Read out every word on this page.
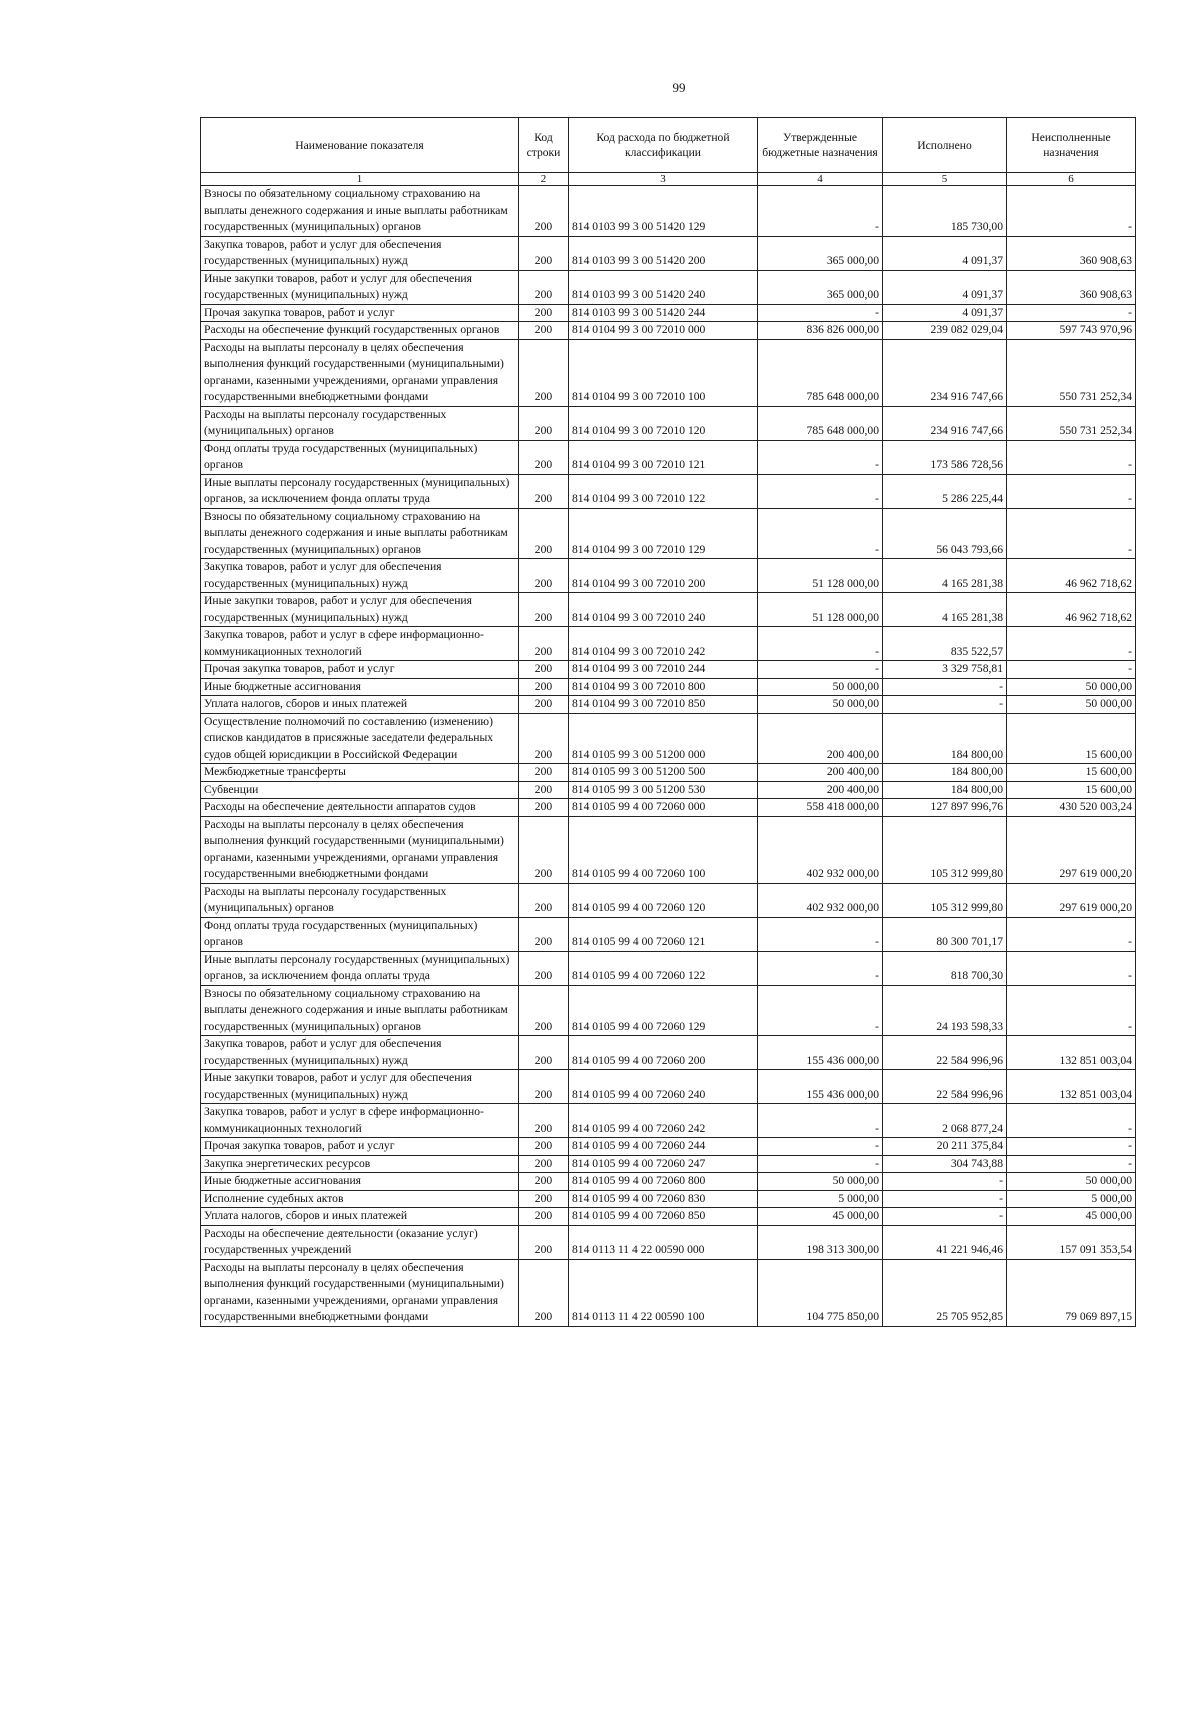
99
Наименование показателя	Код строки	Код расхода по бюджетной классификации	Утвержденные бюджетные назначения	Исполнено	Неисполненные назначения
1	2	3	4	5	6
Взносы по обязательному социальному страхованию на выплаты денежного содержания и иные выплаты работникам государственных (муниципальных) органов	200	814 0103 99 3 00 51420 129	-	185 730,00	-
Закупка товаров, работ и услуг для обеспечения государственных (муниципальных) нужд	200	814 0103 99 3 00 51420 200	365 000,00	4 091,37	360 908,63
Иные закупки товаров, работ и услуг для обеспечения государственных (муниципальных) нужд	200	814 0103 99 3 00 51420 240	365 000,00	4 091,37	360 908,63
Прочая закупка товаров, работ и услуг	200	814 0103 99 3 00 51420 244	-	4 091,37	-
Расходы на обеспечение функций государственных органов	200	814 0104 99 3 00 72010 000	836 826 000,00	239 082 029,04	597 743 970,96
Расходы на выплаты персоналу в целях обеспечения выполнения функций государственными (муниципальными) органами, казенными учреждениями, органами управления государственными внебюджетными фондами	200	814 0104 99 3 00 72010 100	785 648 000,00	234 916 747,66	550 731 252,34
Расходы на выплаты персоналу государственных (муниципальных) органов	200	814 0104 99 3 00 72010 120	785 648 000,00	234 916 747,66	550 731 252,34
Фонд оплаты труда государственных (муниципальных) органов	200	814 0104 99 3 00 72010 121	-	173 586 728,56	-
Иные выплаты персоналу государственных (муниципальных) органов, за исключением фонда оплаты труда	200	814 0104 99 3 00 72010 122	-	5 286 225,44	-
Взносы по обязательному социальному страхованию на выплаты денежного содержания и иные выплаты работникам государственных (муниципальных) органов	200	814 0104 99 3 00 72010 129	-	56 043 793,66	-
Закупка товаров, работ и услуг для обеспечения государственных (муниципальных) нужд	200	814 0104 99 3 00 72010 200	51 128 000,00	4 165 281,38	46 962 718,62
Иные закупки товаров, работ и услуг для обеспечения государственных (муниципальных) нужд	200	814 0104 99 3 00 72010 240	51 128 000,00	4 165 281,38	46 962 718,62
Закупка товаров, работ и услуг в сфере информационно-коммуникационных технологий	200	814 0104 99 3 00 72010 242	-	835 522,57	-
Прочая закупка товаров, работ и услуг	200	814 0104 99 3 00 72010 244	-	3 329 758,81	-
Иные бюджетные ассигнования	200	814 0104 99 3 00 72010 800	50 000,00	-	50 000,00
Уплата налогов, сборов и иных платежей	200	814 0104 99 3 00 72010 850	50 000,00	-	50 000,00
Осуществление полномочий по составлению (изменению) списков кандидатов в присяжные заседатели федеральных судов общей юрисдикции в Российской Федерации	200	814 0105 99 3 00 51200 000	200 400,00	184 800,00	15 600,00
Межбюджетные трансферты	200	814 0105 99 3 00 51200 500	200 400,00	184 800,00	15 600,00
Субвенции	200	814 0105 99 3 00 51200 530	200 400,00	184 800,00	15 600,00
Расходы на обеспечение деятельности аппаратов судов	200	814 0105 99 4 00 72060 000	558 418 000,00	127 897 996,76	430 520 003,24
Расходы на выплаты персоналу в целях обеспечения выполнения функций государственными (муниципальными) органами, казенными учреждениями, органами управления государственными внебюджетными фондами	200	814 0105 99 4 00 72060 100	402 932 000,00	105 312 999,80	297 619 000,20
Расходы на выплаты персоналу государственных (муниципальных) органов	200	814 0105 99 4 00 72060 120	402 932 000,00	105 312 999,80	297 619 000,20
Фонд оплаты труда государственных (муниципальных) органов	200	814 0105 99 4 00 72060 121	-	80 300 701,17	-
Иные выплаты персоналу государственных (муниципальных) органов, за исключением фонда оплаты труда	200	814 0105 99 4 00 72060 122	-	818 700,30	-
Взносы по обязательному социальному страхованию на выплаты денежного содержания и иные выплаты работникам государственных (муниципальных) органов	200	814 0105 99 4 00 72060 129	-	24 193 598,33	-
Закупка товаров, работ и услуг для обеспечения государственных (муниципальных) нужд	200	814 0105 99 4 00 72060 200	155 436 000,00	22 584 996,96	132 851 003,04
Иные закупки товаров, работ и услуг для обеспечения государственных (муниципальных) нужд	200	814 0105 99 4 00 72060 240	155 436 000,00	22 584 996,96	132 851 003,04
Закупка товаров, работ и услуг в сфере информационно-коммуникационных технологий	200	814 0105 99 4 00 72060 242	-	2 068 877,24	-
Прочая закупка товаров, работ и услуг	200	814 0105 99 4 00 72060 244	-	20 211 375,84	-
Закупка энергетических ресурсов	200	814 0105 99 4 00 72060 247	-	304 743,88	-
Иные бюджетные ассигнования	200	814 0105 99 4 00 72060 800	50 000,00	-	50 000,00
Исполнение судебных актов	200	814 0105 99 4 00 72060 830	5 000,00	-	5 000,00
Уплата налогов, сборов и иных платежей	200	814 0105 99 4 00 72060 850	45 000,00	-	45 000,00
Расходы на обеспечение деятельности (оказание услуг) государственных учреждений	200	814 0113 11 4 22 00590 000	198 313 300,00	41 221 946,46	157 091 353,54
Расходы на выплаты персоналу в целях обеспечения выполнения функций государственными (муниципальными) органами, казенными учреждениями, органами управления государственными внебюджетными фондами	200	814 0113 11 4 22 00590 100	104 775 850,00	25 705 952,85	79 069 897,15
